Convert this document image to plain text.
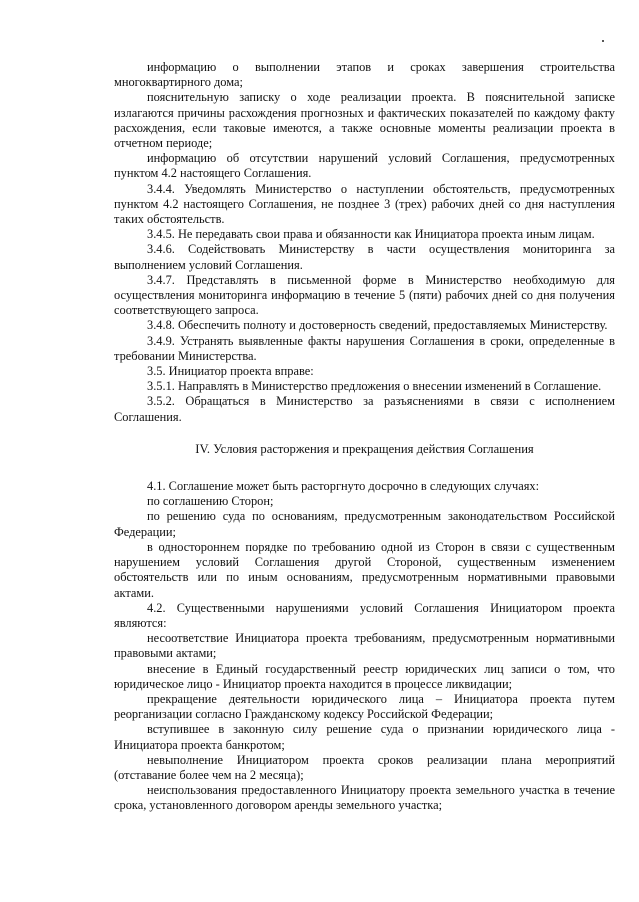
информацию о выполнении этапов и сроках завершения строительства многоквартирного дома;

пояснительную записку о ходе реализации проекта. В пояснительной записке излагаются причины расхождения прогнозных и фактических показателей по каждому факту расхождения, если таковые имеются, а также основные моменты реализации проекта в отчетном периоде;

информацию об отсутствии нарушений условий Соглашения, предусмотренных пунктом 4.2 настоящего Соглашения.

3.4.4. Уведомлять Министерство о наступлении обстоятельств, предусмотренных пунктом 4.2 настоящего Соглашения, не позднее 3 (трех) рабочих дней со дня наступления таких обстоятельств.

3.4.5. Не передавать свои права и обязанности как Инициатора проекта иным лицам.

3.4.6. Содействовать Министерству в части осуществления мониторинга за выполнением условий Соглашения.

3.4.7. Представлять в письменной форме в Министерство необходимую для осуществления мониторинга информацию в течение 5 (пяти) рабочих дней со дня получения соответствующего запроса.

3.4.8. Обеспечить полноту и достоверность сведений, предоставляемых Министерству.

3.4.9. Устранять выявленные факты нарушения Соглашения в сроки, определенные в требовании Министерства.

3.5. Инициатор проекта вправе:

3.5.1. Направлять в Министерство предложения о внесении изменений в Соглашение.

3.5.2. Обращаться в Министерство за разъяснениями в связи с исполнением Соглашения.

IV. Условия расторжения и прекращения действия Соглашения

4.1. Соглашение может быть расторгнуто досрочно в следующих случаях:

по соглашению Сторон;

по решению суда по основаниям, предусмотренным законодательством Российской Федерации;

в одностороннем порядке по требованию одной из Сторон в связи с существенным нарушением условий Соглашения другой Стороной, существенным изменением обстоятельств или по иным основаниям, предусмотренным нормативными правовыми актами.

4.2. Существенными нарушениями условий Соглашения Инициатором проекта являются:

несоответствие Инициатора проекта требованиям, предусмотренным нормативными правовыми актами;

внесение в Единый государственный реестр юридических лиц записи о том, что юридическое лицо - Инициатор проекта находится в процессе ликвидации;

прекращение деятельности юридического лица – Инициатора проекта путем реорганизации согласно Гражданскому кодексу Российской Федерации;

вступившее в законную силу решение суда о признании юридического лица - Инициатора проекта банкротом;

невыполнение Инициатором проекта сроков реализации плана мероприятий (отставание более чем на 2 месяца);

неиспользования предоставленного Инициатору проекта земельного участка в течение срока, установленного договором аренды земельного участка;
